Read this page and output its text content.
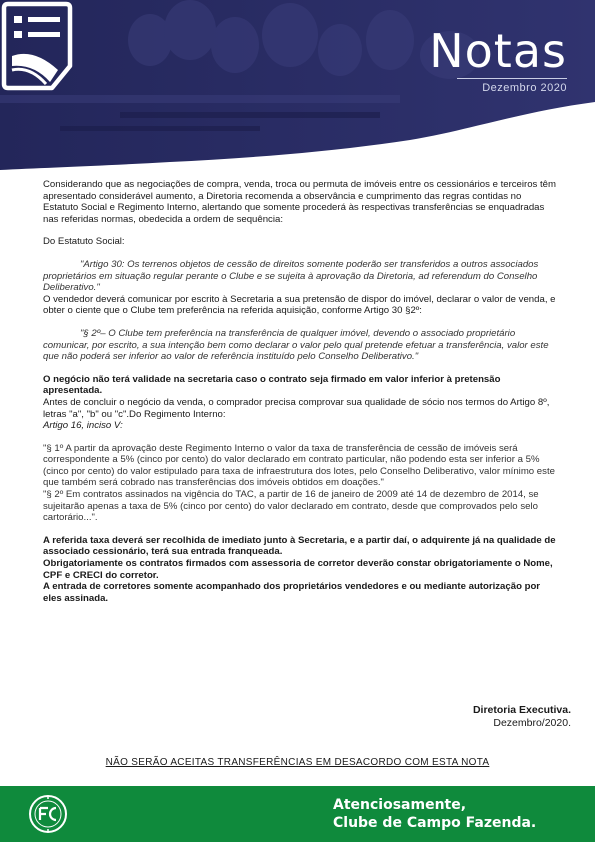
Notas
Dezembro 2020

Considerando que as negociações de compra, venda, troca ou permuta de imóveis entre os cessionários e terceiros têm apresentado considerável aumento, a Diretoria recomenda a observância e cumprimento das regras contidas no Estatuto Social e Regimento Interno, alertando que somente procederá às respectivas transferências se enquadradas nas referidas normas, obedecida a ordem de sequência:

Do Estatuto Social:

"Artigo 30: Os terrenos objetos de cessão de direitos somente poderão ser transferidos a outros associados proprietários em situação regular perante o Clube e se sujeita à aprovação da Diretoria, ad referendum do Conselho Deliberativo."

O vendedor deverá comunicar por escrito à Secretaria a sua pretensão de dispor do imóvel, declarar o valor de venda, e obter o ciente que o Clube tem preferência na referida aquisição, conforme Artigo 30 §2º:

"§ 2º– O Clube tem preferência na transferência de qualquer imóvel, devendo o associado proprietário comunicar, por escrito, a sua intenção bem como declarar o valor pelo qual pretende efetuar a transferência, valor este que não poderá ser inferior ao valor de referência instituído pelo Conselho Deliberativo."

O negócio não terá validade na secretaria caso o contrato seja firmado em valor inferior à pretensão apresentada.

Antes de concluir o negócio da venda, o comprador precisa comprovar sua qualidade de sócio nos termos do Artigo 8º, letras "a", "b" ou "c".Do Regimento Interno:

Artigo 16, inciso V:

"§ 1º A partir da aprovação deste Regimento Interno o valor da taxa de transferência de cessão de imóveis será correspondente a 5% (cinco por cento) do valor declarado em contrato particular, não podendo esta ser inferior a 5% (cinco por cento) do valor estipulado para taxa de infraestrutura dos lotes, pelo Conselho Deliberativo, valor mínimo este que também será cobrado nas transferências dos imóveis obtidos em doações."

"§ 2º Em contratos assinados na vigência do TAC, a partir de 16 de janeiro de 2009 até 14 de dezembro de 2014, se sujeitarão apenas a taxa de 5% (cinco por cento) do valor declarado em contrato, desde que comprovados pelo selo cartorário...".

A referida taxa deverá ser recolhida de imediato junto à Secretaria, e a partir daí, o adquirente já na qualidade de associado cessionário, terá sua entrada franqueada.

Obrigatoriamente os contratos firmados com assessoria de corretor deverão constar obrigatoriamente o Nome, CPF e CRECI do corretor.

A entrada de corretores somente acompanhado dos proprietários vendedores e ou mediante autorização por eles assinada.

Diretoria Executiva.
Dezembro/2020.
NÃO SERÃO ACEITAS TRANSFERÊNCIAS EM DESACORDO COM ESTA NOTA
Atenciosamente,
Clube de Campo Fazenda.
